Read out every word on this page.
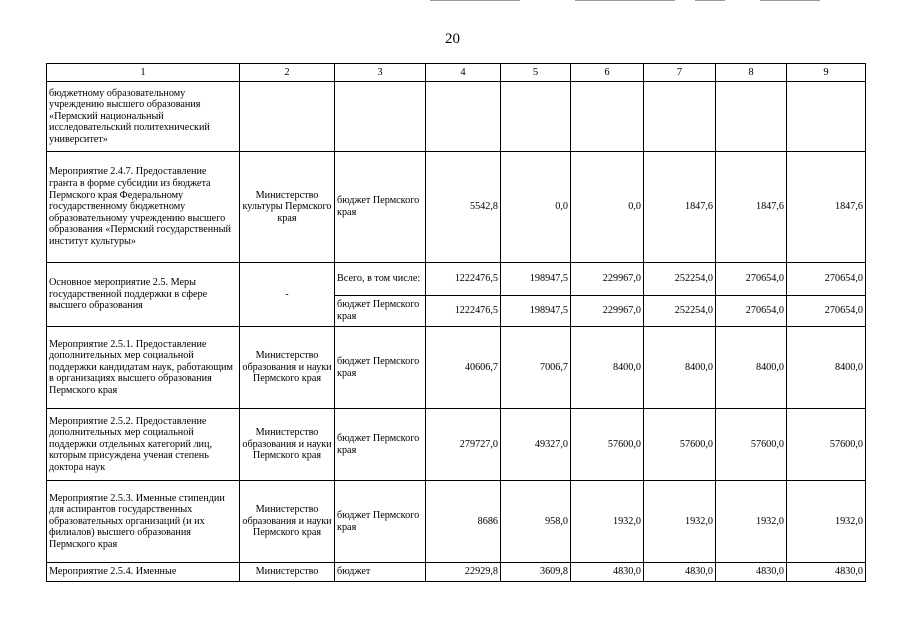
20
1	2	3	4	5	6	7	8	9
бюджетному образовательному учреждению высшего образования «Пермский национальный исследовательский политехнический университет»								
Мероприятие 2.4.7. Предоставление гранта в форме субсидии из бюджета Пермского края Федеральному государственному бюджетному образовательному учреждению высшего образования «Пермский государственный институт культуры»	Министерство культуры Пермского края	бюджет Пермского края	5542,8	0,0	0,0	1847,6	1847,6	1847,6
Основное мероприятие 2.5. Меры государственной поддержки в сфере высшего образования	-	Всего, в том числе:	1222476,5	198947,5	229967,0	252254,0	270654,0	270654,0
		бюджет Пермского края	1222476,5	198947,5	229967,0	252254,0	270654,0	270654,0
Мероприятие 2.5.1. Предоставление дополнительных мер социальной поддержки кандидатам наук, работающим в организациях высшего образования Пермского края	Министерство образования и науки Пермского края	бюджет Пермского края	40606,7	7006,7	8400,0	8400,0	8400,0	8400,0
Мероприятие 2.5.2. Предоставление дополнительных мер социальной поддержки отдельных категорий лиц, которым присуждена ученая степень доктора наук	Министерство образования и науки Пермского края	бюджет Пермского края	279727,0	49327,0	57600,0	57600,0	57600,0	57600,0
Мероприятие 2.5.3. Именные стипендии для аспирантов государственных образовательных организаций (и их филиалов) высшего образования Пермского края	Министерство образования и науки Пермского края	бюджет Пермского края	8686	958,0	1932,0	1932,0	1932,0	1932,0
Мероприятие 2.5.4. Именные	Министерство	бюджет	22929,8	3609,8	4830,0	4830,0	4830,0	4830,0
